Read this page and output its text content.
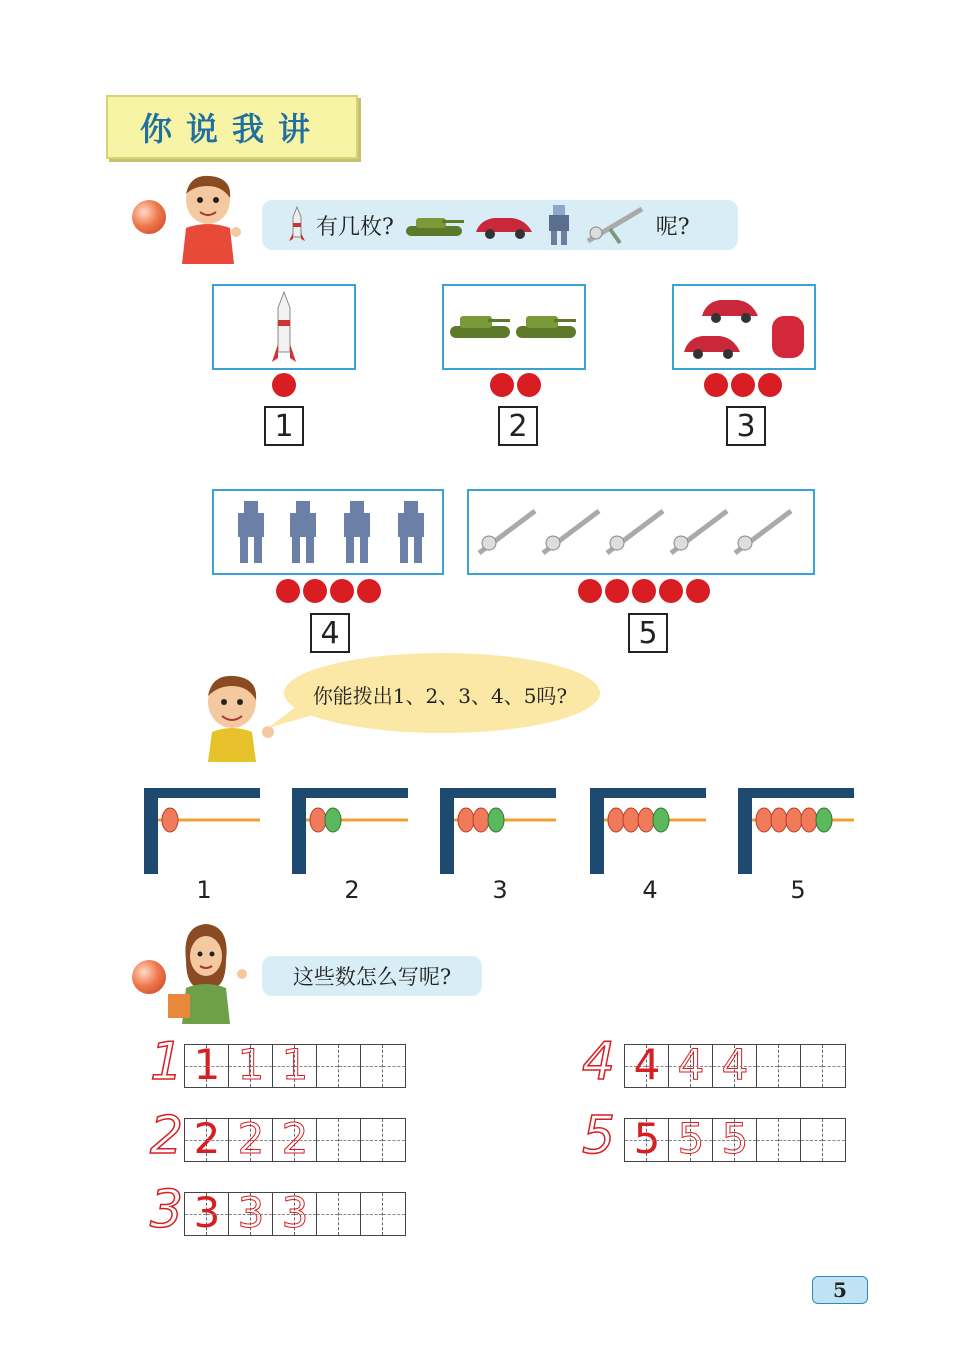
你说我讲
有几枚?	呢?
1	2	3
4	5
你能拨出1、2、3、4、5吗?
1	2	3	4	5
这些数怎么写呢?
1 1 1 1
2 2 2 2
3 3 3 3
4 4 4 4
5 5 5 5
5
